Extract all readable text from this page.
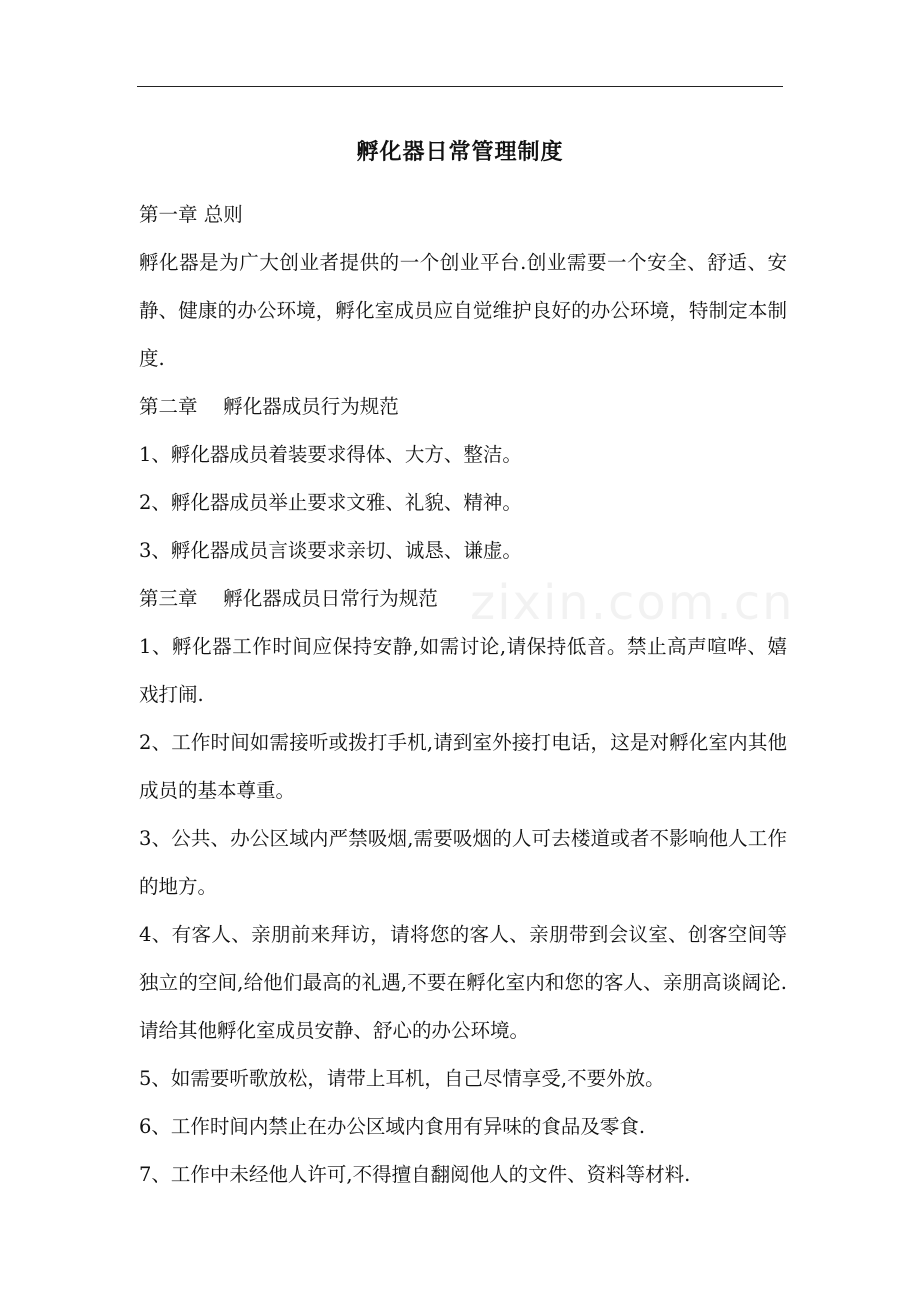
孵化器日常管理制度

第一章 总则

孵化器是为广大创业者提供的一个创业平台.创业需要一个安全、舒适、安静、健康的办公环境，孵化室成员应自觉维护良好的办公环境，特制定本制度.

第二章　 孵化器成员行为规范

1、孵化器成员着装要求得体、大方、整洁。

2、孵化器成员举止要求文雅、礼貌、精神。

3、孵化器成员言谈要求亲切、诚恳、谦虚。

第三章　 孵化器成员日常行为规范

1、孵化器工作时间应保持安静,如需讨论,请保持低音。禁止高声喧哗、嬉戏打闹.

2、工作时间如需接听或拨打手机,请到室外接打电话，这是对孵化室内其他成员的基本尊重。

3、公共、办公区域内严禁吸烟,需要吸烟的人可去楼道或者不影响他人工作的地方。

4、有客人、亲朋前来拜访，请将您的客人、亲朋带到会议室、创客空间等独立的空间,给他们最高的礼遇,不要在孵化室内和您的客人、亲朋高谈阔论.请给其他孵化室成员安静、舒心的办公环境。

5、如需要听歌放松，请带上耳机，自己尽情享受,不要外放。

6、工作时间内禁止在办公区域内食用有异味的食品及零食.

7、工作中未经他人许可,不得擅自翻阅他人的文件、资料等材料.

zixin.com.cn
